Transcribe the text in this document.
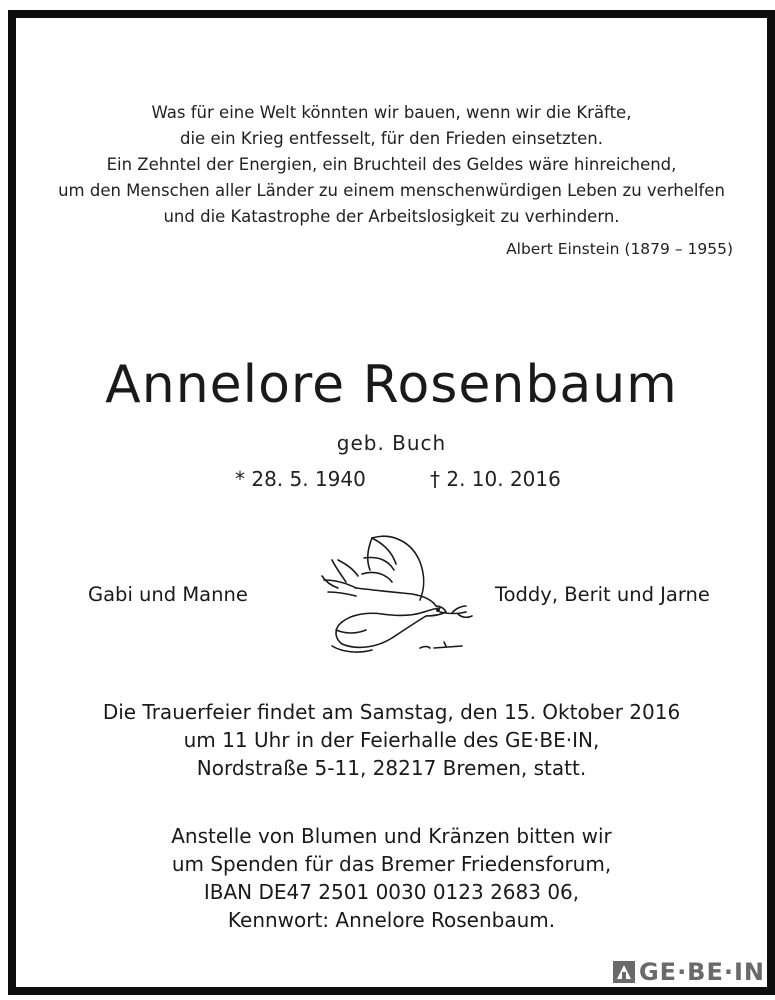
Was für eine Welt könnten wir bauen, wenn wir die Kräfte,
die ein Krieg entfesselt, für den Frieden einsetzten.
Ein Zehntel der Energien, ein Bruchteil des Geldes wäre hinreichend,
um den Menschen aller Länder zu einem menschenwürdigen Leben zu verhelfen
und die Katastrophe der Arbeitslosigkeit zu verhindern.
Albert Einstein (1879 – 1955)
Annelore Rosenbaum
geb. Buch
* 28. 5. 1940	† 2. 10. 2016
Gabi und Manne	Toddy, Berit und Jarne
Die Trauerfeier findet am Samstag, den 15. Oktober 2016
um 11 Uhr in der Feierhalle des GE·BE·IN,
Nordstraße 5-11, 28217 Bremen, statt.
Anstelle von Blumen und Kränzen bitten wir
um Spenden für das Bremer Friedensforum,
IBAN DE47 2501 0030 0123 2683 06,
Kennwort: Annelore Rosenbaum.
GE·BE·IN
